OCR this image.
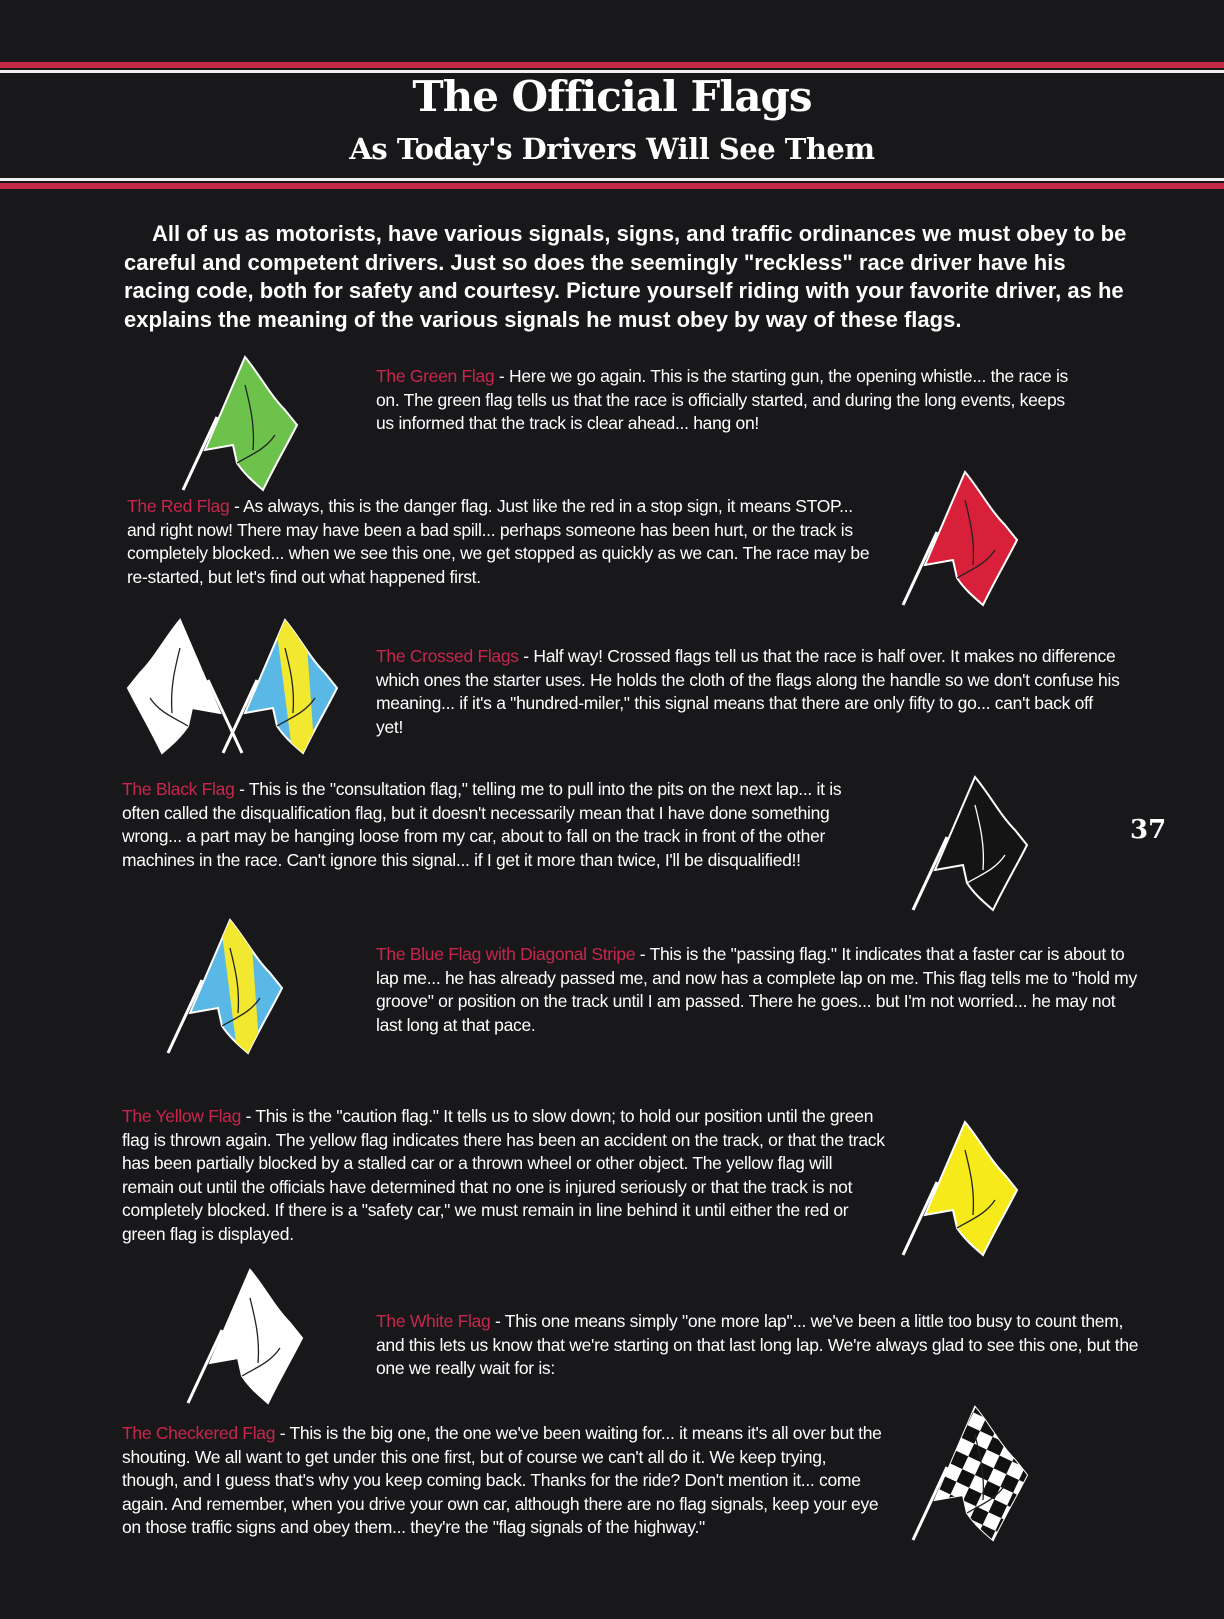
The Official Flags
As Today's Drivers Will See Them
All of us as motorists, have various signals, signs, and traffic ordinances we must obey to be careful and competent drivers. Just so does the seemingly "reckless" race driver have his racing code, both for safety and courtesy. Picture yourself riding with your favorite driver, as he explains the meaning of the various signals he must obey by way of these flags.
37
The Green Flag - Here we go again. This is the starting gun, the opening whistle... the race is on. The green flag tells us that the race is officially started, and during the long events, keeps us informed that the track is clear ahead... hang on!
The Red Flag - As always, this is the danger flag. Just like the red in a stop sign, it means STOP... and right now! There may have been a bad spill... perhaps someone has been hurt, or the track is completely blocked... when we see this one, we get stopped as quickly as we can. The race may be re-started, but let's find out what happened first.
The Crossed Flags - Half way! Crossed flags tell us that the race is half over. It makes no difference which ones the starter uses. He holds the cloth of the flags along the handle so we don't confuse his meaning... if it's a "hundred-miler," this signal means that there are only fifty to go... can't back off yet!
The Black Flag - This is the "consultation flag," telling me to pull into the pits on the next lap... it is often called the disqualification flag, but it doesn't necessarily mean that I have done something wrong... a part may be hanging loose from my car, about to fall on the track in front of the other machines in the race. Can't ignore this signal... if I get it more than twice, I'll be disqualified!!
The Blue Flag with Diagonal Stripe - This is the "passing flag." It indicates that a faster car is about to lap me... he has already passed me, and now has a complete lap on me. This flag tells me to "hold my groove" or position on the track until I am passed. There he goes... but I'm not worried... he may not last long at that pace.
The Yellow Flag - This is the "caution flag." It tells us to slow down; to hold our position until the green flag is thrown again. The yellow flag indicates there has been an accident on the track, or that the track has been partially blocked by a stalled car or a thrown wheel or other object. The yellow flag will remain out until the officials have determined that no one is injured seriously or that the track is not completely blocked. If there is a "safety car," we must remain in line behind it until either the red or green flag is displayed.
The White Flag - This one means simply "one more lap"... we've been a little too busy to count them, and this lets us know that we're starting on that last long lap. We're always glad to see this one, but the one we really wait for is:
The Checkered Flag - This is the big one, the one we've been waiting for... it means it's all over but the shouting. We all want to get under this one first, but of course we can't all do it. We keep trying, though, and I guess that's why you keep coming back. Thanks for the ride? Don't mention it... come again. And remember, when you drive your own car, although there are no flag signals, keep your eye on those traffic signs and obey them... they're the "flag signals of the highway."
